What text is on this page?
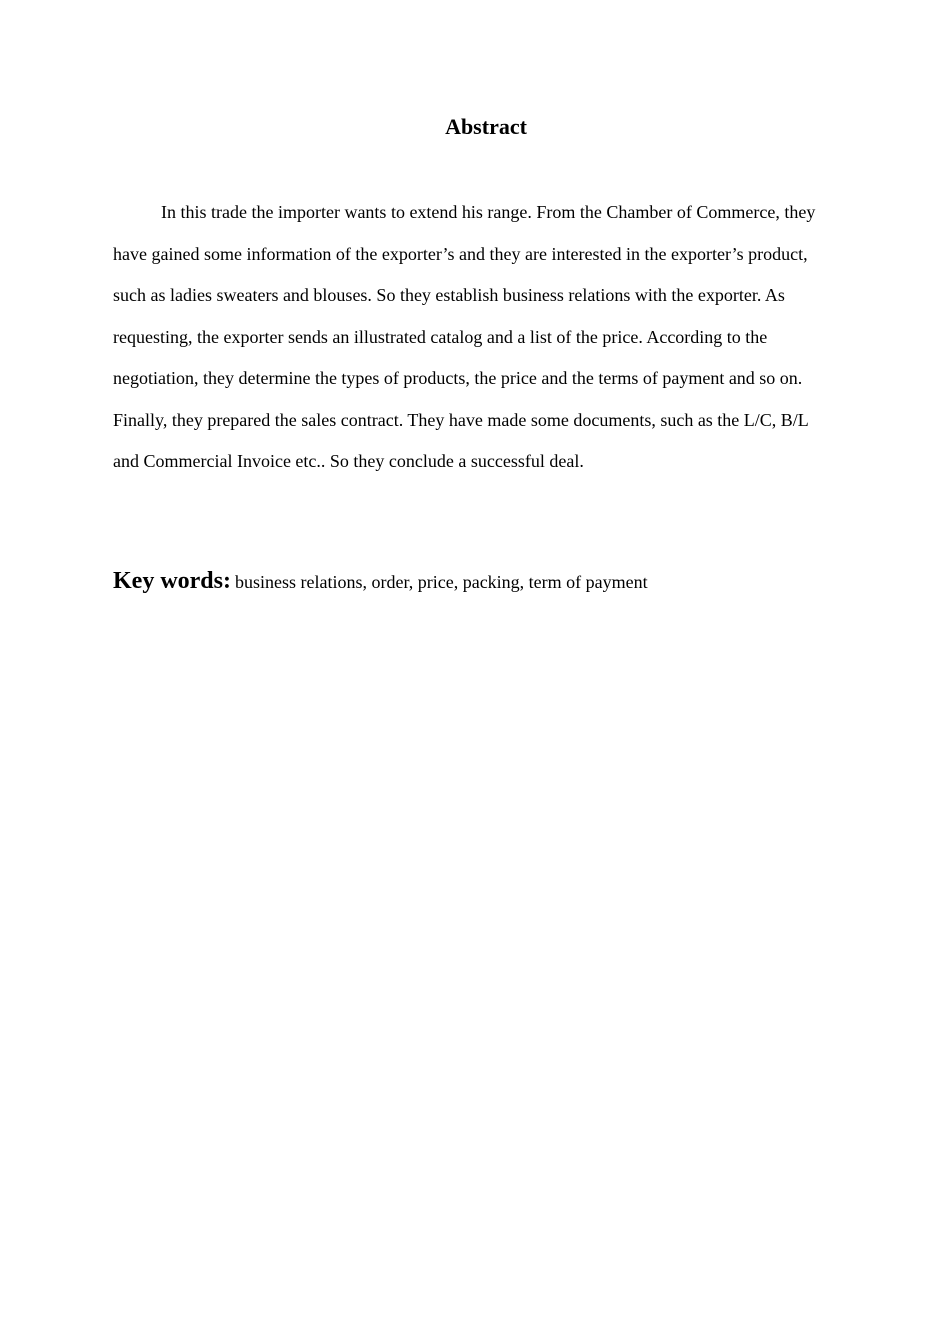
Abstract

In this trade the importer wants to extend his range. From the Chamber of Commerce, they
have gained some information of the exporter’s and they are interested in the exporter’s product,
such as ladies sweaters and blouses. So they establish business relations with the exporter. As
requesting, the exporter sends an illustrated catalog and a list of the price. According to the
negotiation, they determine the types of products, the price and the terms of payment and so on.
Finally, they prepared the sales contract. They have made some documents, such as the L/C, B/L
and Commercial Invoice etc.. So they conclude a successful deal.

Key words: business relations, order, price, packing, term of payment
